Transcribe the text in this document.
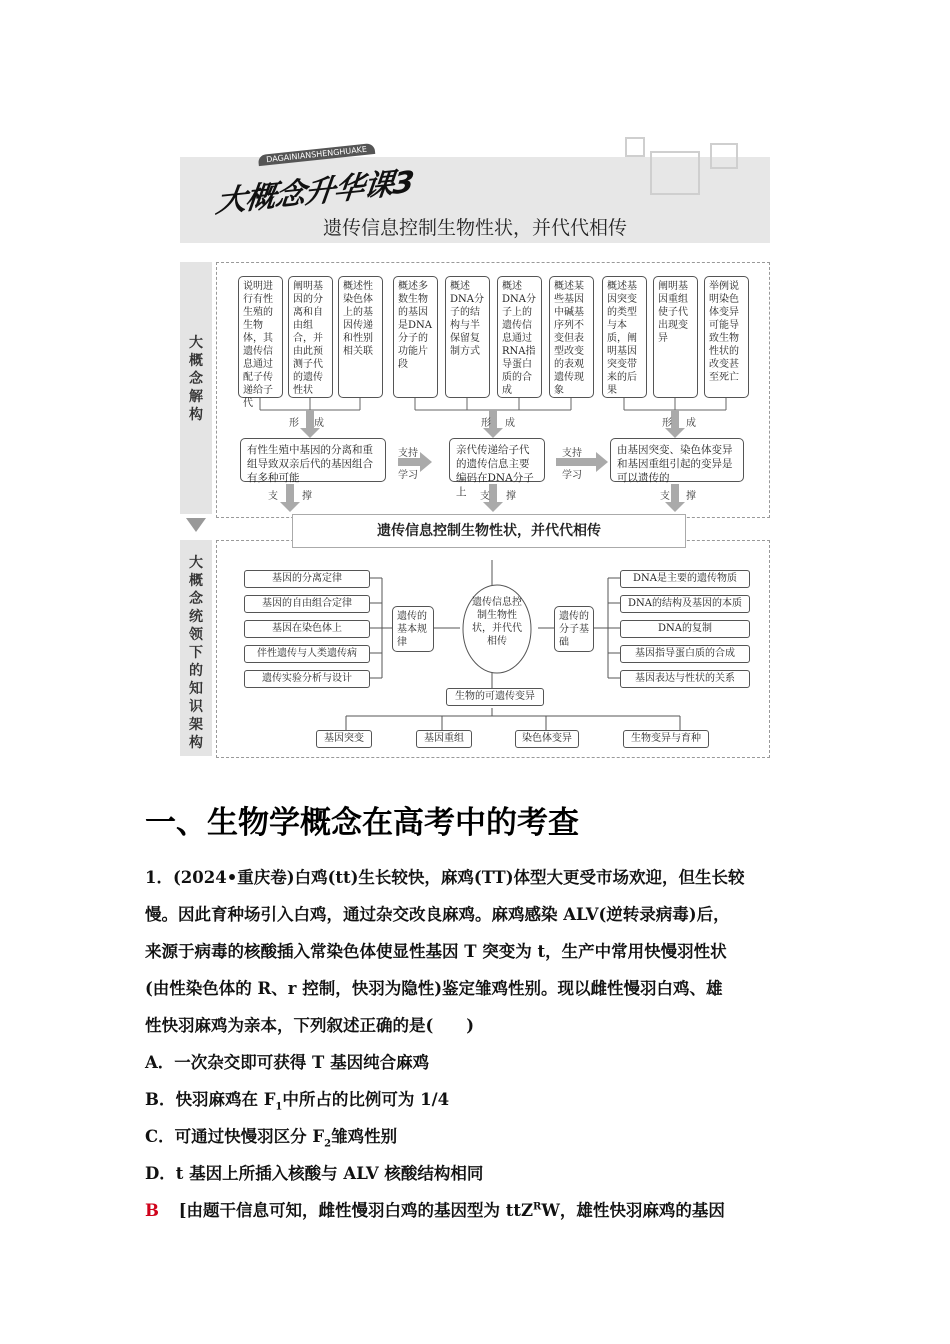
DAGAINIANSHENGHUAKE
大概念升华课3
遗传信息控制生物性状，并代代相传
大概念解构
大概念统领下的知识架构
说明进行有性生殖的生物体，其遗传信息通过配子传递给子代
阐明基因的分离和自由组合，并由此预测子代的遗传性状
概述性染色体上的基因传递和性别相关联
概述多数生物的基因是DNA分子的功能片段
概述DNA分子的结构与半保留复制方式
概述DNA分子上的遗传信息通过RNA指导蛋白质的合成
概述某些基因中碱基序列不变但表型改变的表观遗传现象
概述基因突变的类型与本质，阐明基因突变带来的后果
阐明基因重组使子代出现变异
举例说明染色体变异可能导致生物性状的改变甚至死亡
形 成	形 成	形 成
有性生殖中基因的分离和重组导致双亲后代的基因组合有多种可能
亲代传递给子代的遗传信息主要编码在DNA分子上
由基因突变、染色体变异和基因重组引起的变异是可以遗传的
支持
学习
支持
学习
支 撑	支 撑	支 撑
遗传信息控制生物性状，并代代相传
基因的分离定律
基因的自由组合定律
基因在染色体上
伴性遗传与人类遗传病
遗传实验分析与设计
遗传的基本规律
遗传信息控制生物性状，并代代相传
遗传的分子基础
DNA是主要的遗传物质
DNA的结构及基因的本质
DNA的复制
基因指导蛋白质的合成
基因表达与性状的关系
生物的可遗传变异
基因突变	基因重组	染色体变异	生物变异与育种
一、生物学概念在高考中的考查
1．(2024•重庆卷)白鸡(tt)生长较快，麻鸡(TT)体型大更受市场欢迎，但生长较
慢。因此育种场引入白鸡，通过杂交改良麻鸡。麻鸡感染 ALV(逆转录病毒)后，
来源于病毒的核酸插入常染色体使显性基因 T 突变为 t，生产中常用快慢羽性状
(由性染色体的 R、r 控制，快羽为隐性)鉴定雏鸡性别。现以雌性慢羽白鸡、雄
性快羽麻鸡为亲本，下列叙述正确的是(　　)
A．一次杂交即可获得 T 基因纯合麻鸡
B．快羽麻鸡在 $F_1$中所占的比例可为 1/4
C．可通过快慢羽区分 $F_2$雏鸡性别
D．t 基因上所插入核酸与 ALV 核酸结构相同
B [由题干信息可知，雌性慢羽白鸡的基因型为 ttZ$^R$W，雄性快羽麻鸡的基因
